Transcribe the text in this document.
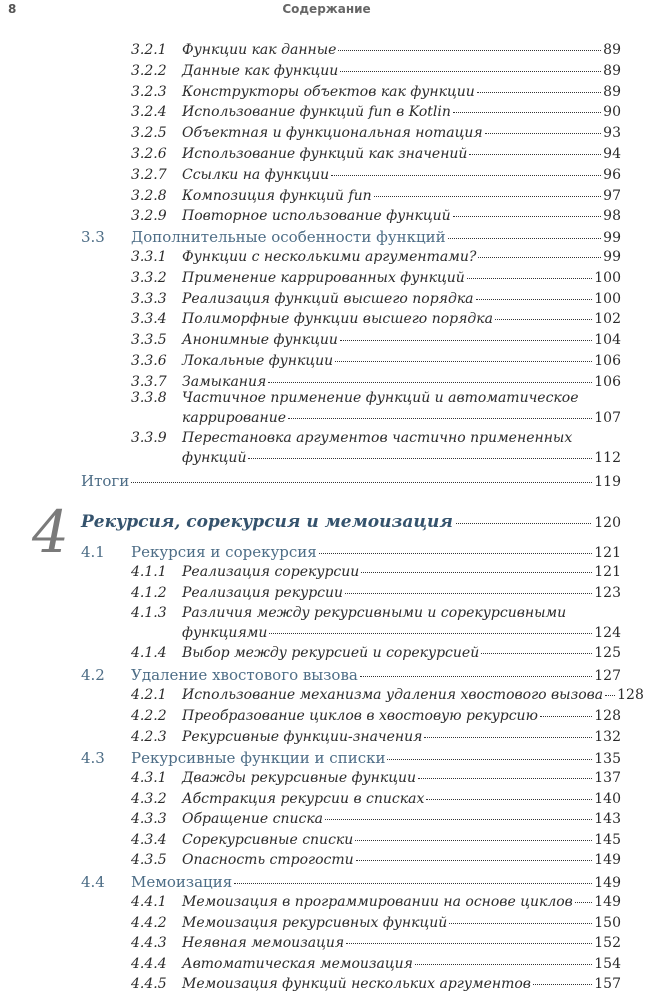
8	Содержание
3.2.1 Функции как данные	89
3.2.2 Данные как функции	89
3.2.3 Конструкторы объектов как функции	89
3.2.4 Использование функций fun в Kotlin	90
3.2.5 Объектная и функциональная нотация	93
3.2.6 Использование функций как значений	94
3.2.7 Ссылки на функции	96
3.2.8 Композиция функций fun	97
3.2.9 Повторное использование функций	98
3.3 Дополнительные особенности функций	99
3.3.1 Функции с несколькими аргументами?	99
3.3.2 Применение каррированных функций	100
3.3.3 Реализация функций высшего порядка	100
3.3.4 Полиморфные функции высшего порядка	102
3.3.5 Анонимные функции	104
3.3.6 Локальные функции	106
3.3.7 Замыкания	106
3.3.8 Частичное применение функций и автоматическое
каррирование	107
3.3.9 Перестановка аргументов частично примененных
функций	112
Итоги	119
4 Рекурсия, сорекурсия и мемоизация	120
4.1 Рекурсия и сорекурсия	121
4.1.1 Реализация сорекурсии	121
4.1.2 Реализация рекурсии	123
4.1.3 Различия между рекурсивными и сорекурсивными
функциями	124
4.1.4 Выбор между рекурсией и сорекурсией	125
4.2 Удаление хвостового вызова	127
4.2.1 Использование механизма удаления хвостового вызова 128
4.2.2 Преобразование циклов в хвостовую рекурсию	128
4.2.3 Рекурсивные функции-значения	132
4.3 Рекурсивные функции и списки	135
4.3.1 Дважды рекурсивные функции	137
4.3.2 Абстракция рекурсии в списках	140
4.3.3 Обращение списка	143
4.3.4 Сорекурсивные списки	145
4.3.5 Опасность строгости	149
4.4 Мемоизация	149
4.4.1 Мемоизация в программировании на основе циклов 149
4.4.2 Мемоизация рекурсивных функций	150
4.4.3 Неявная мемоизация	152
4.4.4 Автоматическая мемоизация	154
4.4.5 Мемоизация функций нескольких аргументов	157
